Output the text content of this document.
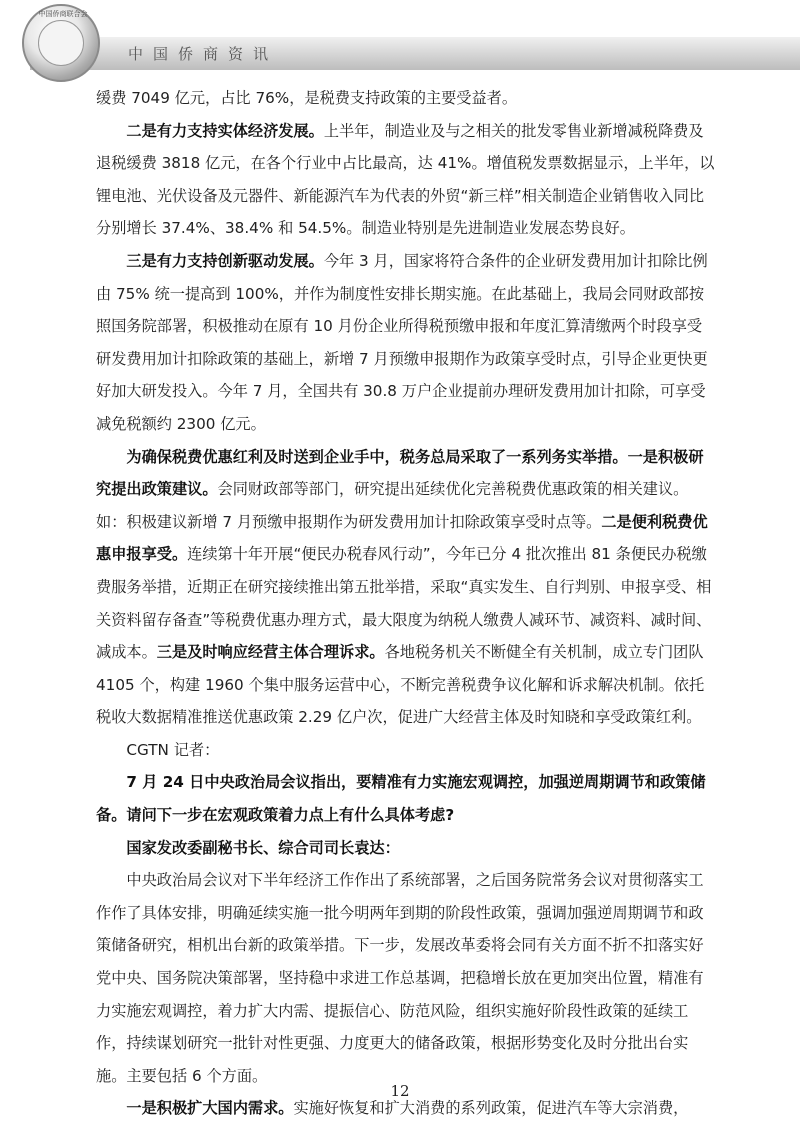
中国侨商联合会
中国侨商资讯

缓费 7049 亿元，占比 76%，是税费支持政策的主要受益者。

二是有力支持实体经济发展。上半年，制造业及与之相关的批发零售业新增减税降费及退税缓费 3818 亿元，在各个行业中占比最高，达 41%。增值税发票数据显示，上半年，以锂电池、光伏设备及元器件、新能源汽车为代表的外贸“新三样”相关制造企业销售收入同比分别增长 37.4%、38.4% 和 54.5%。制造业特别是先进制造业发展态势良好。

三是有力支持创新驱动发展。今年 3 月，国家将符合条件的企业研发费用加计扣除比例由 75% 统一提高到 100%，并作为制度性安排长期实施。在此基础上，我局会同财政部按照国务院部署，积极推动在原有 10 月份企业所得税预缴申报和年度汇算清缴两个时段享受研发费用加计扣除政策的基础上，新增 7 月预缴申报期作为政策享受时点，引导企业更快更好加大研发投入。今年 7 月，全国共有 30.8 万户企业提前办理研发费用加计扣除，可享受减免税额约 2300 亿元。

为确保税费优惠红利及时送到企业手中，税务总局采取了一系列务实举措。一是积极研究提出政策建议。会同财政部等部门，研究提出延续优化完善税费优惠政策的相关建议。如：积极建议新增 7 月预缴申报期作为研发费用加计扣除政策享受时点等。二是便利税费优惠申报享受。连续第十年开展“便民办税春风行动”，今年已分 4 批次推出 81 条便民办税缴费服务举措，近期正在研究接续推出第五批举措，采取“真实发生、自行判别、申报享受、相关资料留存备查”等税费优惠办理方式，最大限度为纳税人缴费人减环节、减资料、减时间、减成本。三是及时响应经营主体合理诉求。各地税务机关不断健全有关机制，成立专门团队 4105 个，构建 1960 个集中服务运营中心，不断完善税费争议化解和诉求解决机制。依托税收大数据精准推送优惠政策 2.29 亿户次，促进广大经营主体及时知晓和享受政策红利。

CGTN 记者：

7 月 24 日中央政治局会议指出，要精准有力实施宏观调控，加强逆周期调节和政策储备。请问下一步在宏观政策着力点上有什么具体考虑?

国家发改委副秘书长、综合司司长袁达：

中央政治局会议对下半年经济工作作出了系统部署，之后国务院常务会议对贯彻落实工作作了具体安排，明确延续实施一批今明两年到期的阶段性政策，强调加强逆周期调节和政策储备研究，相机出台新的政策举措。下一步，发展改革委将会同有关方面不折不扣落实好党中央、国务院决策部署，坚持稳中求进工作总基调，把稳增长放在更加突出位置，精准有力实施宏观调控，着力扩大内需、提振信心、防范风险，组织实施好阶段性政策的延续工作，持续谋划研究一批针对性更强、力度更大的储备政策，根据形势变化及时分批出台实施。主要包括 6 个方面。

一是积极扩大国内需求。实施好恢复和扩大消费的系列政策，促进汽车等大宗消费，

12
